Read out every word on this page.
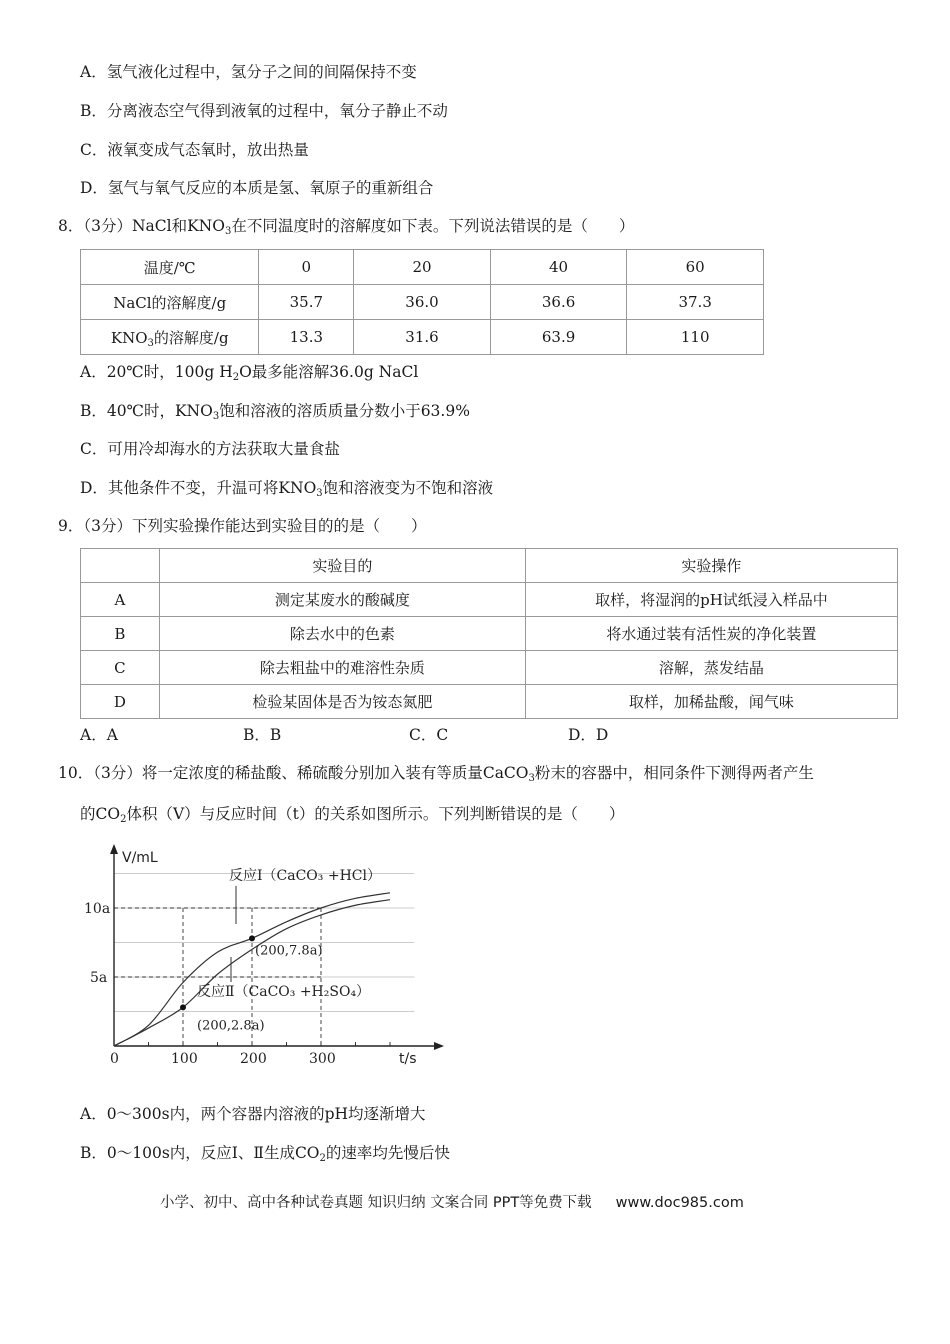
A．氢气液化过程中，氢分子之间的间隔保持不变
B．分离液态空气得到液氧的过程中，氧分子静止不动
C．液氧变成气态氧时，放出热量
D．氢气与氧气反应的本质是氢、氧原子的重新组合
8．（3分）NaCl和$KNO_3$在不同温度时的溶解度如下表。下列说法错误的是（　　）
温度/℃	0	20	40	60
NaCl的溶解度/g	35.7	36.0	36.6	37.3
$KNO_3$的溶解度/g	13.3	31.6	63.9	110
A．20℃时，100g $H_2O$最多能溶解36.0g NaCl
B．40℃时，$KNO_3$饱和溶液的溶质质量分数小于63.9%
C．可用冷却海水的方法获取大量食盐
D．其他条件不变，升温可将$KNO_3$饱和溶液变为不饱和溶液
9．（3分）下列实验操作能达到实验目的的是（　　）
	实验目的	实验操作
A	测定某废水的酸碱度	取样，将湿润的pH试纸浸入样品中
B	除去水中的色素	将水通过装有活性炭的净化装置
C	除去粗盐中的难溶性杂质	溶解，蒸发结晶
D	检验某固体是否为铵态氮肥	取样，加稀盐酸，闻气味
A．A	B．B	C．C	D．D
10．（3分）将一定浓度的稀盐酸、稀硫酸分别加入装有等质量CaCO$_3$粉末的容器中，相同条件下测得两者产生
的$CO_2$体积（V）与反应时间（t）的关系如图所示。下列判断错误的是（　　）
V/mL
t/s
0	100	200	300
5a
10a
反应Ⅰ（CaCO₃ +HCl）
反应Ⅱ（CaCO₃ +H₂SO₄）
(200,7.8a)
(200,2.8a)
A．0～300s内，两个容器内溶液的pH均逐渐增大
B．0～100s内，反应Ⅰ、Ⅱ生成$CO_2$的速率均先慢后快
小学、初中、高中各种试卷真题 知识归纳 文案合同 PPT等免费下载 www.doc985.com
